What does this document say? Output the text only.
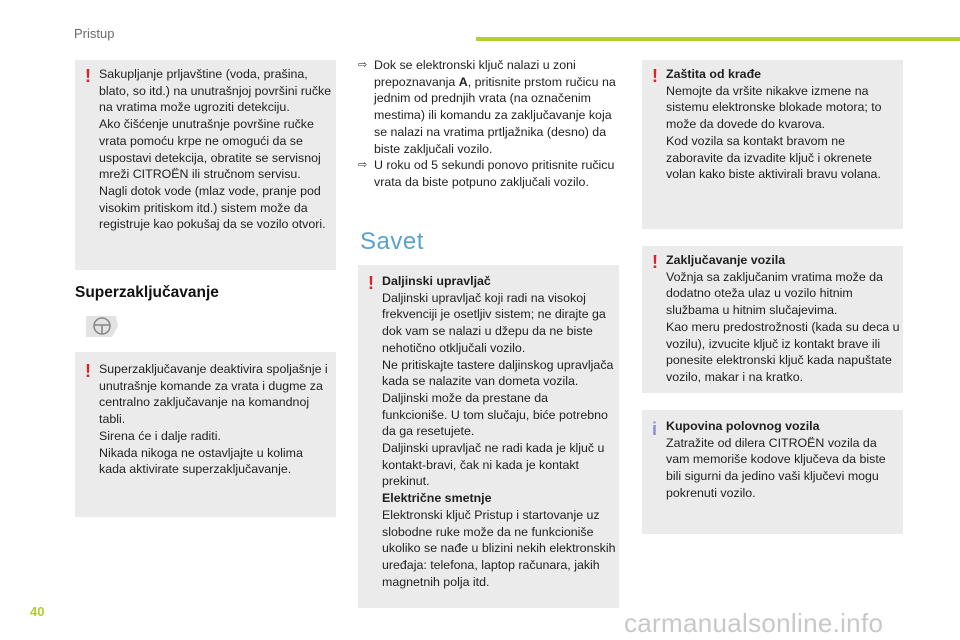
Pristup
! Sakupljanje prljavštine (voda, prašina, blato, so itd.) na unutrašnjoj površini ručke na vratima može ugroziti detekciju.
Ako čišćenje unutrašnje površine ručke vrata pomoću krpe ne omogući da se uspostavi detekcija, obratite se servisnoj mreži CITROËN ili stručnom servisu.
Nagli dotok vode (mlaz vode, pranje pod visokim pritiskom itd.) sistem može da registruje kao pokušaj da se vozilo otvori.

Superzaključavanje
! Superzaključavanje deaktivira spoljašnje i unutrašnje komande za vrata i dugme za centralno zaključavanje na komandnoj tabli.
Sirena će i dalje raditi.
Nikada nikoga ne ostavljajte u kolima kada aktivirate superzaključavanje.

⇨ Dok se elektronski ključ nalazi u zoni prepoznavanja A, pritisnite prstom ručicu na jednim od prednjih vrata (na označenim mestima) ili komandu za zaključavanje koja se nalazi na vratima prtljažnika (desno) da biste zaključali vozilo.
⇨ U roku od 5 sekundi ponovo pritisnite ručicu vrata da biste potpuno zaključali vozilo.
Savet
! Daljinski upravljač
Daljinski upravljač koji radi na visokoj frekvenciji je osetljiv sistem; ne dirajte ga dok vam se nalazi u džepu da ne biste nehotično otključali vozilo.
Ne pritiskajte tastere daljinskog upravljača kada se nalazite van dometa vozila. Daljinski može da prestane da funkcioniše. U tom slučaju, biće potrebno da ga resetujete.
Daljinski upravljač ne radi kada je ključ u kontakt-bravi, čak ni kada je kontakt prekinut.
Električne smetnje
Elektronski ključ Pristup i startovanje uz slobodne ruke može da ne funkcioniše ukoliko se nađe u blizini nekih elektronskih uređaja: telefona, laptop računara, jakih magnetnih polja itd.
! Zaštita od krađe
Nemojte da vršite nikakve izmene na sistemu elektronske blokade motora; to može da dovede do kvarova.
Kod vozila sa kontakt bravom ne zaboravite da izvadite ključ i okrenete volan kako biste aktivirali bravu volana.
! Zaključavanje vozila
Vožnja sa zaključanim vratima može da dodatno otežа ulaz u vozilo hitnim službama u hitnim slučajevima.
Kao meru predostrožnosti (kada su deca u vozilu), izvucite ključ iz kontakt brave ili ponesite elektronski ključ kada napuštate vozilo, makar i na kratko.
i Kupovina polovnog vozila
Zatražite od dilera CITROËN vozila da vam memoriše kodove ključeva da biste bili sigurni da jedino vaši ključevi mogu pokrenuti vozilo.
40	carmanualsonline.info
